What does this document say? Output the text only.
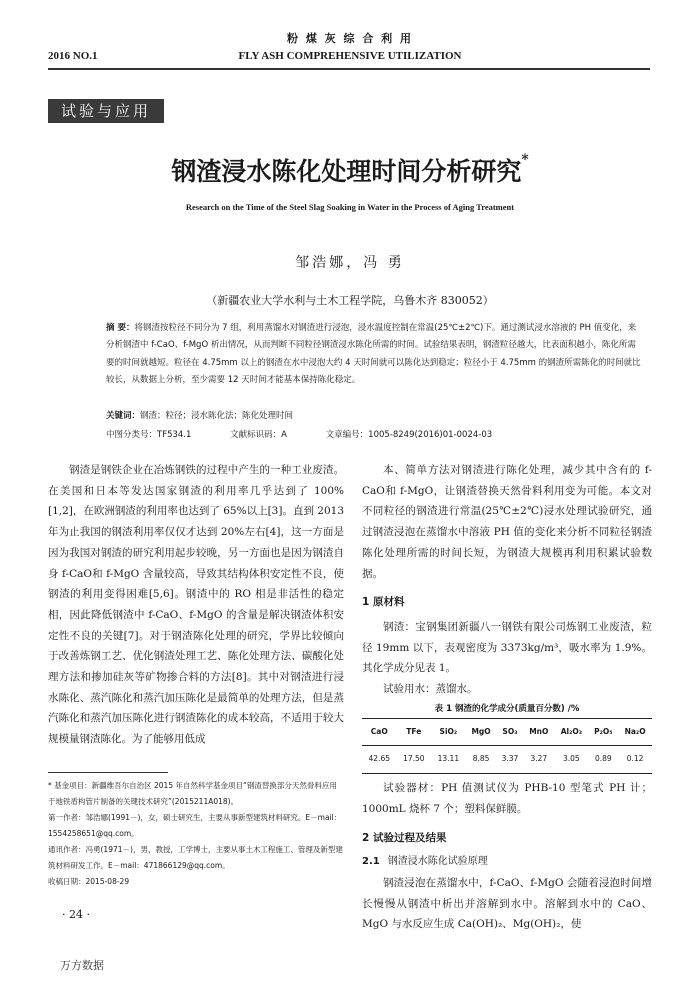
粉 煤 灰 综 合 利 用
2016 NO.1	FLY ASH COMPREHENSIVE UTILIZATION
试验与应用
钢渣浸水陈化处理时间分析研究*
Research on the Time of the Steel Slag Soaking in Water in the Process of Aging Treatment
邹浩娜，冯 勇
（新疆农业大学水利与土木工程学院，乌鲁木齐 830052）
摘 要：将钢渣按粒径不同分为 7 组，利用蒸馏水对钢渣进行浸泡，浸水温度控制在常温(25℃±2℃)下。通过测试浸水溶液的 PH 值变化，来分析钢渣中 f-CaO、f-MgO 析出情况，从而判断不同粒径钢渣浸水陈化所需的时间。试验结果表明，钢渣粒径越大，比表面积越小，陈化所需要的时间就越短。粒径在 4.75mm 以上的钢渣在水中浸泡大约 4 天时间就可以陈化达到稳定；粒径小于 4.75mm 的钢渣所需陈化的时间就比较长，从数据上分析，至少需要 12 天时间才能基本保持陈化稳定。
关键词：钢渣；粒径；浸水陈化法；陈化处理时间
中图分类号：TF534.1	文献标识码：A	文章编号：1005-8249(2016)01-0024-03

钢渣是钢铁企业在冶炼钢铁的过程中产生的一种工业废渣。在美国和日本等发达国家钢渣的利用率几乎达到了 100%[1,2]，在欧洲钢渣的利用率也达到了 65%以上[3]。直到 2013 年为止我国的钢渣利用率仅仅才达到 20%左右[4]，这一方面是因为我国对钢渣的研究利用起步较晚，另一方面也是因为钢渣自身 f-CaO和 f-MgO 含量较高，导致其结构体积安定性不良，使钢渣的利用变得困难[5,6]。钢渣中的 RO 相是非活性的稳定相，因此降低钢渣中 f-CaO、f-MgO 的含量是解决钢渣体积安定性不良的关键[7]。对于钢渣陈化处理的研究，学界比较倾向于改善炼钢工艺、优化钢渣处理工艺、陈化处理方法、碳酸化处理方法和掺加硅灰等矿物掺合料的方法[8]。其中对钢渣进行浸水陈化、蒸汽陈化和蒸汽加压陈化是最简单的处理方法，但是蒸汽陈化和蒸汽加压陈化进行钢渣陈化的成本较高，不适用于较大规模量钢渣陈化。为了能够用低成

本、简单方法对钢渣进行陈化处理，减少其中含有的 f-CaO和 f-MgO，让钢渣替换天然骨料利用变为可能。本文对不同粒径的钢渣进行常温(25℃±2℃)浸水处理试验研究，通过钢渣浸泡在蒸馏水中溶液 PH 值的变化来分析不同粒径钢渣陈化处理所需的时间长短，为钢渣大规模再利用积累试验数据。

1 原材料

钢渣：宝钢集团新疆八一钢铁有限公司炼钢工业废渣，粒径 19mm 以下，表观密度为 3373kg/m³，吸水率为 1.9%。其化学成分见表 1。

试验用水：蒸馏水。

表 1 钢渣的化学成分(质量百分数) /%
CaO	TFe	SiO₂	MgO	SO₃	MnO	Al₂O₃	P₂O₅	Na₂O
42.65	17.50	13.11	8.85	3.37	3.27	3.05	0.89	0.12

试验器材：PH 值测试仪为 PHB-10 型笔式 PH 计；1000mL 烧杯 7 个；塑料保鲜膜。

2 试验过程及结果
2.1 钢渣浸水陈化试验原理

钢渣浸泡在蒸馏水中，f-CaO、f-MgO 会随着浸泡时间增长慢慢从钢渣中析出并溶解到水中。溶解到水中的 CaO、MgO 与水反应生成 Ca(OH)₂、Mg(OH)₂，使

* 基金项目：新疆维吾尔自治区 2015 年自然科学基金项目“钢渣替换部分天然骨料应用于地铁盾构管片制备的关键技术研究”(2015211A018)。
第一作者：邹浩娜(1991－)，女，硕士研究生，主要从事新型建筑材料研究。E－mail：1554258651@qq.com。
通讯作者：冯勇(1971－)，男，教授，工学博士，主要从事土木工程施工、管理及新型建筑材料研发工作。E－mail：471866129@qq.com。
收稿日期：2015-08-29
· 24 ·
万方数据
